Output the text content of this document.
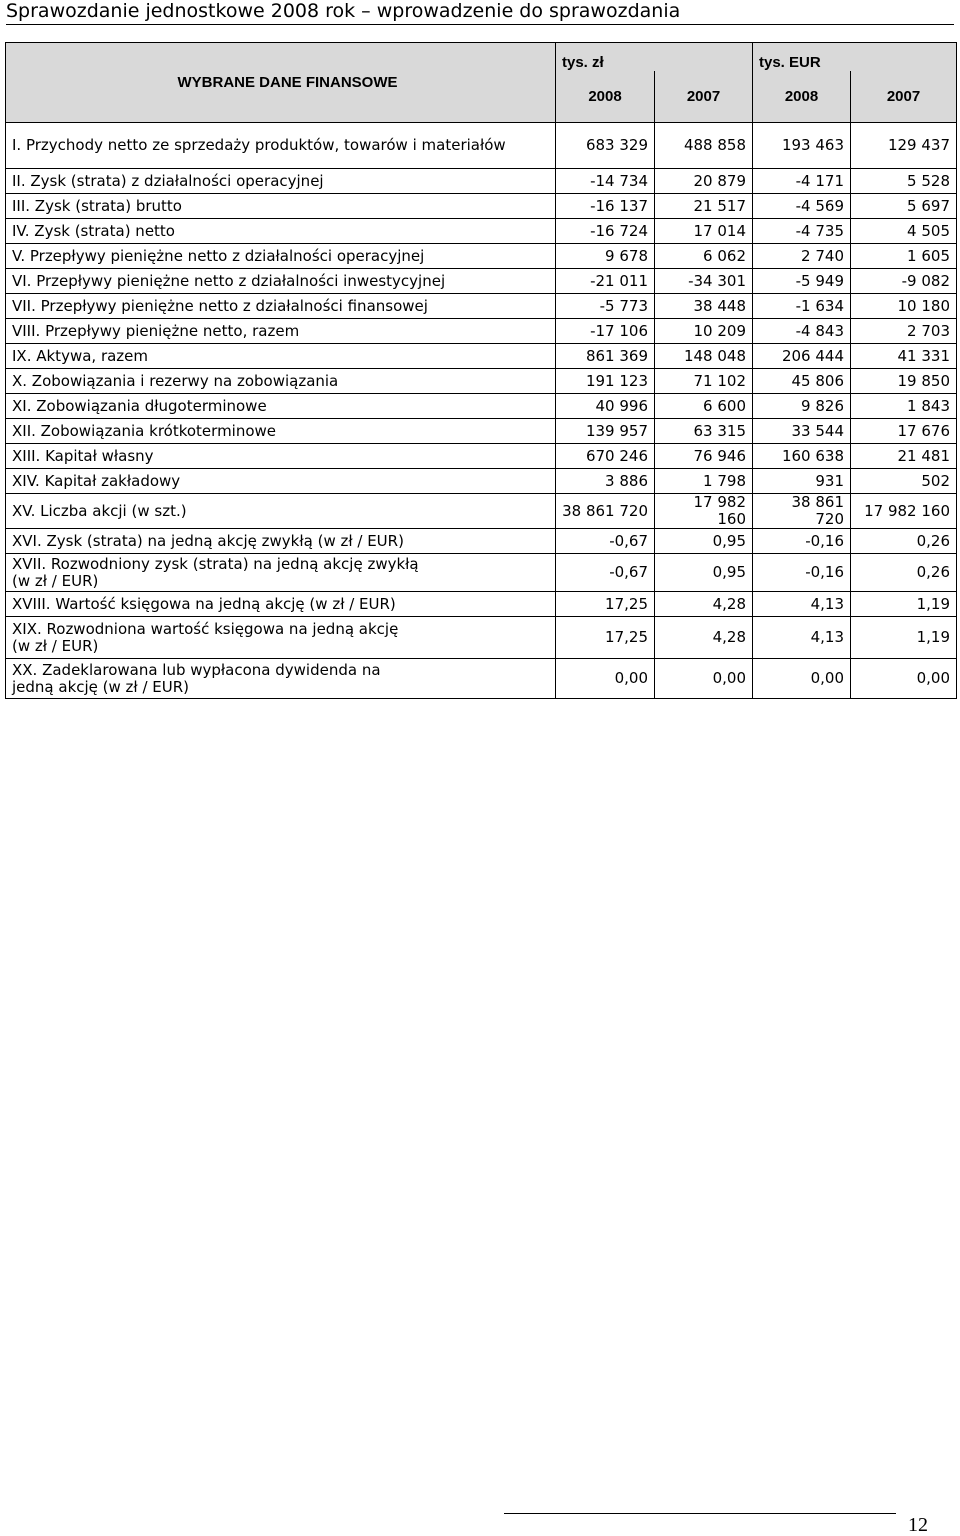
Sprawozdanie jednostkowe 2008 rok – wprowadzenie do sprawozdania
WYBRANE DANE FINANSOWE	tys. zł		tys. EUR	
	2008	2007	2008	2007

I. Przychody netto ze sprzedaży produktów, towarów i materiałów	683 329	488 858	193 463	129 437

II. Zysk (strata) z działalności operacyjnej	-14 734	20 879	-4 171	5 528

III. Zysk (strata) brutto	-16 137	21 517	-4 569	5 697

IV. Zysk (strata) netto	-16 724	17 014	-4 735	4 505

V. Przepływy pieniężne netto z działalności operacyjnej	9 678	6 062	2 740	1 605

VI. Przepływy pieniężne netto z działalności inwestycyjnej	-21 011	-34 301	-5 949	-9 082

VII. Przepływy pieniężne netto z działalności finansowej	-5 773	38 448	-1 634	10 180

VIII. Przepływy pieniężne netto, razem	-17 106	10 209	-4 843	2 703

IX. Aktywa, razem	861 369	148 048	206 444	41 331

X. Zobowiązania i rezerwy na zobowiązania	191 123	71 102	45 806	19 850

XI. Zobowiązania długoterminowe	40 996	6 600	9 826	1 843

XII. Zobowiązania krótkoterminowe	139 957	63 315	33 544	17 676

XIII. Kapitał własny	670 246	76 946	160 638	21 481

XIV. Kapitał zakładowy	3 886	1 798	931	502

XV. Liczba akcji (w szt.)	38 861 720	17 982 160	38 861 720	17 982 160

XVI. Zysk (strata) na jedną akcję zwykłą (w zł / EUR)	-0,67	0,95	-0,16	0,26

XVII. Rozwodniony zysk (strata) na jedną akcję zwykłą
(w zł / EUR)	-0,67	0,95	-0,16	0,26

XVIII. Wartość księgowa na jedną akcję (w zł / EUR)	17,25	4,28	4,13	1,19

XIX. Rozwodniona wartość księgowa na jedną akcję
(w zł / EUR)	17,25	4,28	4,13	1,19

XX. Zadeklarowana lub wypłacona dywidenda na
jedną akcję (w zł / EUR)	0,00	0,00	0,00	0,00
12
